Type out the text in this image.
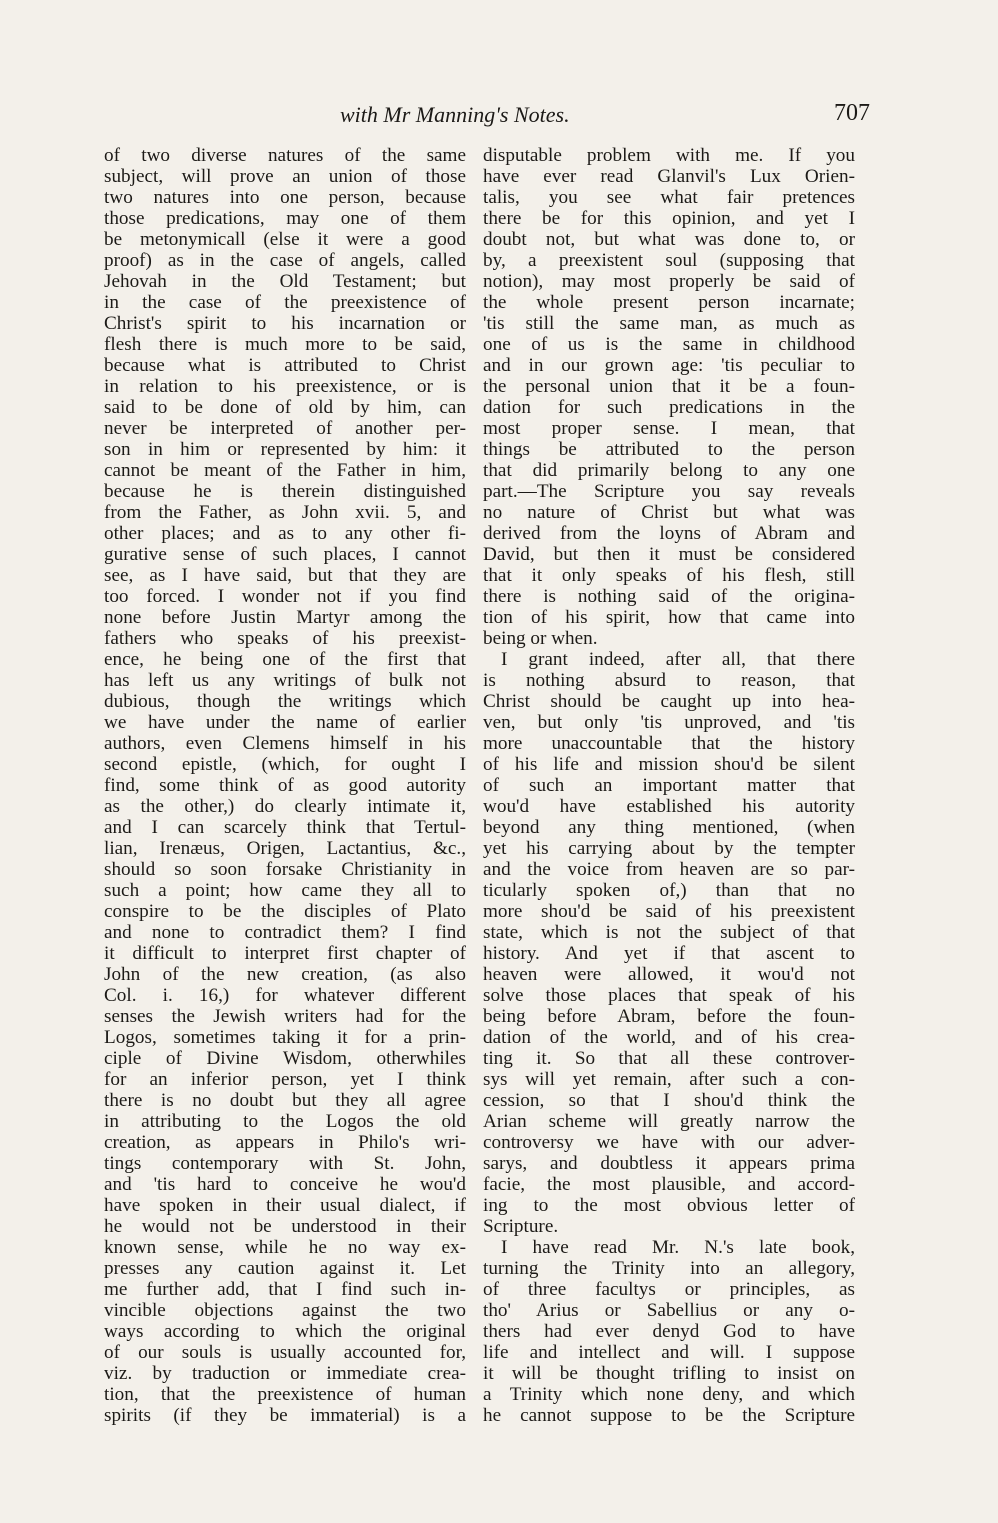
with Mr Manning's Notes.	707
of two diverse natures of the same
subject, will prove an union of those
two natures into one person, because
those predications, may one of them
be metonymicall (else it were a good
proof) as in the case of angels, called
Jehovah in the Old Testament; but
in the case of the preexistence of
Christ's spirit to his incarnation or
flesh there is much more to be said,
because what is attributed to Christ
in relation to his preexistence, or is
said to be done of old by him, can
never be interpreted of another per-
son in him or represented by him: it
cannot be meant of the Father in him,
because he is therein distinguished
from the Father, as John xvii. 5, and
other places; and as to any other fi-
gurative sense of such places, I cannot
see, as I have said, but that they are
too forced. I wonder not if you find
none before Justin Martyr among the
fathers who speaks of his preexist-
ence, he being one of the first that
has left us any writings of bulk not
dubious, though the writings which
we have under the name of earlier
authors, even Clemens himself in his
second epistle, (which, for ought I
find, some think of as good autority
as the other,) do clearly intimate it,
and I can scarcely think that Tertul-
lian, Irenæus, Origen, Lactantius, &c.,
should so soon forsake Christianity in
such a point; how came they all to
conspire to be the disciples of Plato
and none to contradict them? I find
it difficult to interpret first chapter of
John of the new creation, (as also
Col. i. 16,) for whatever different
senses the Jewish writers had for the
Logos, sometimes taking it for a prin-
ciple of Divine Wisdom, otherwhiles
for an inferior person, yet I think
there is no doubt but they all agree
in attributing to the Logos the old
creation, as appears in Philo's wri-
tings contemporary with St. John,
and 'tis hard to conceive he wou'd
have spoken in their usual dialect, if
he would not be understood in their
known sense, while he no way ex-
presses any caution against it. Let
me further add, that I find such in-
vincible objections against the two
ways according to which the original
of our souls is usually accounted for,
viz. by traduction or immediate crea-
tion, that the preexistence of human
spirits (if they be immaterial) is a
disputable problem with me. If you
have ever read Glanvil's Lux Orien-
talis, you see what fair pretences
there be for this opinion, and yet I
doubt not, but what was done to, or
by, a preexistent soul (supposing that
notion), may most properly be said of
the whole present person incarnate;
'tis still the same man, as much as
one of us is the same in childhood
and in our grown age: 'tis peculiar to
the personal union that it be a foun-
dation for such predications in the
most proper sense. I mean, that
things be attributed to the person
that did primarily belong to any one
part.—The Scripture you say reveals
no nature of Christ but what was
derived from the loyns of Abram and
David, but then it must be considered
that it only speaks of his flesh, still
there is nothing said of the origina-
tion of his spirit, how that came into
being or when.
I grant indeed, after all, that there
is nothing absurd to reason, that
Christ should be caught up into hea-
ven, but only 'tis unproved, and 'tis
more unaccountable that the history
of his life and mission shou'd be silent
of such an important matter that
wou'd have established his autority
beyond any thing mentioned, (when
yet his carrying about by the tempter
and the voice from heaven are so par-
ticularly spoken of,) than that no
more shou'd be said of his preexistent
state, which is not the subject of that
history. And yet if that ascent to
heaven were allowed, it wou'd not
solve those places that speak of his
being before Abram, before the foun-
dation of the world, and of his crea-
ting it. So that all these controver-
sys will yet remain, after such a con-
cession, so that I shou'd think the
Arian scheme will greatly narrow the
controversy we have with our adver-
sarys, and doubtless it appears prima
facie, the most plausible, and accord-
ing to the most obvious letter of
Scripture.
I have read Mr. N.'s late book,
turning the Trinity into an allegory,
of three facultys or principles, as
tho' Arius or Sabellius or any o-
thers had ever denyd God to have
life and intellect and will. I suppose
it will be thought trifling to insist on
a Trinity which none deny, and which
he cannot suppose to be the Scripture
